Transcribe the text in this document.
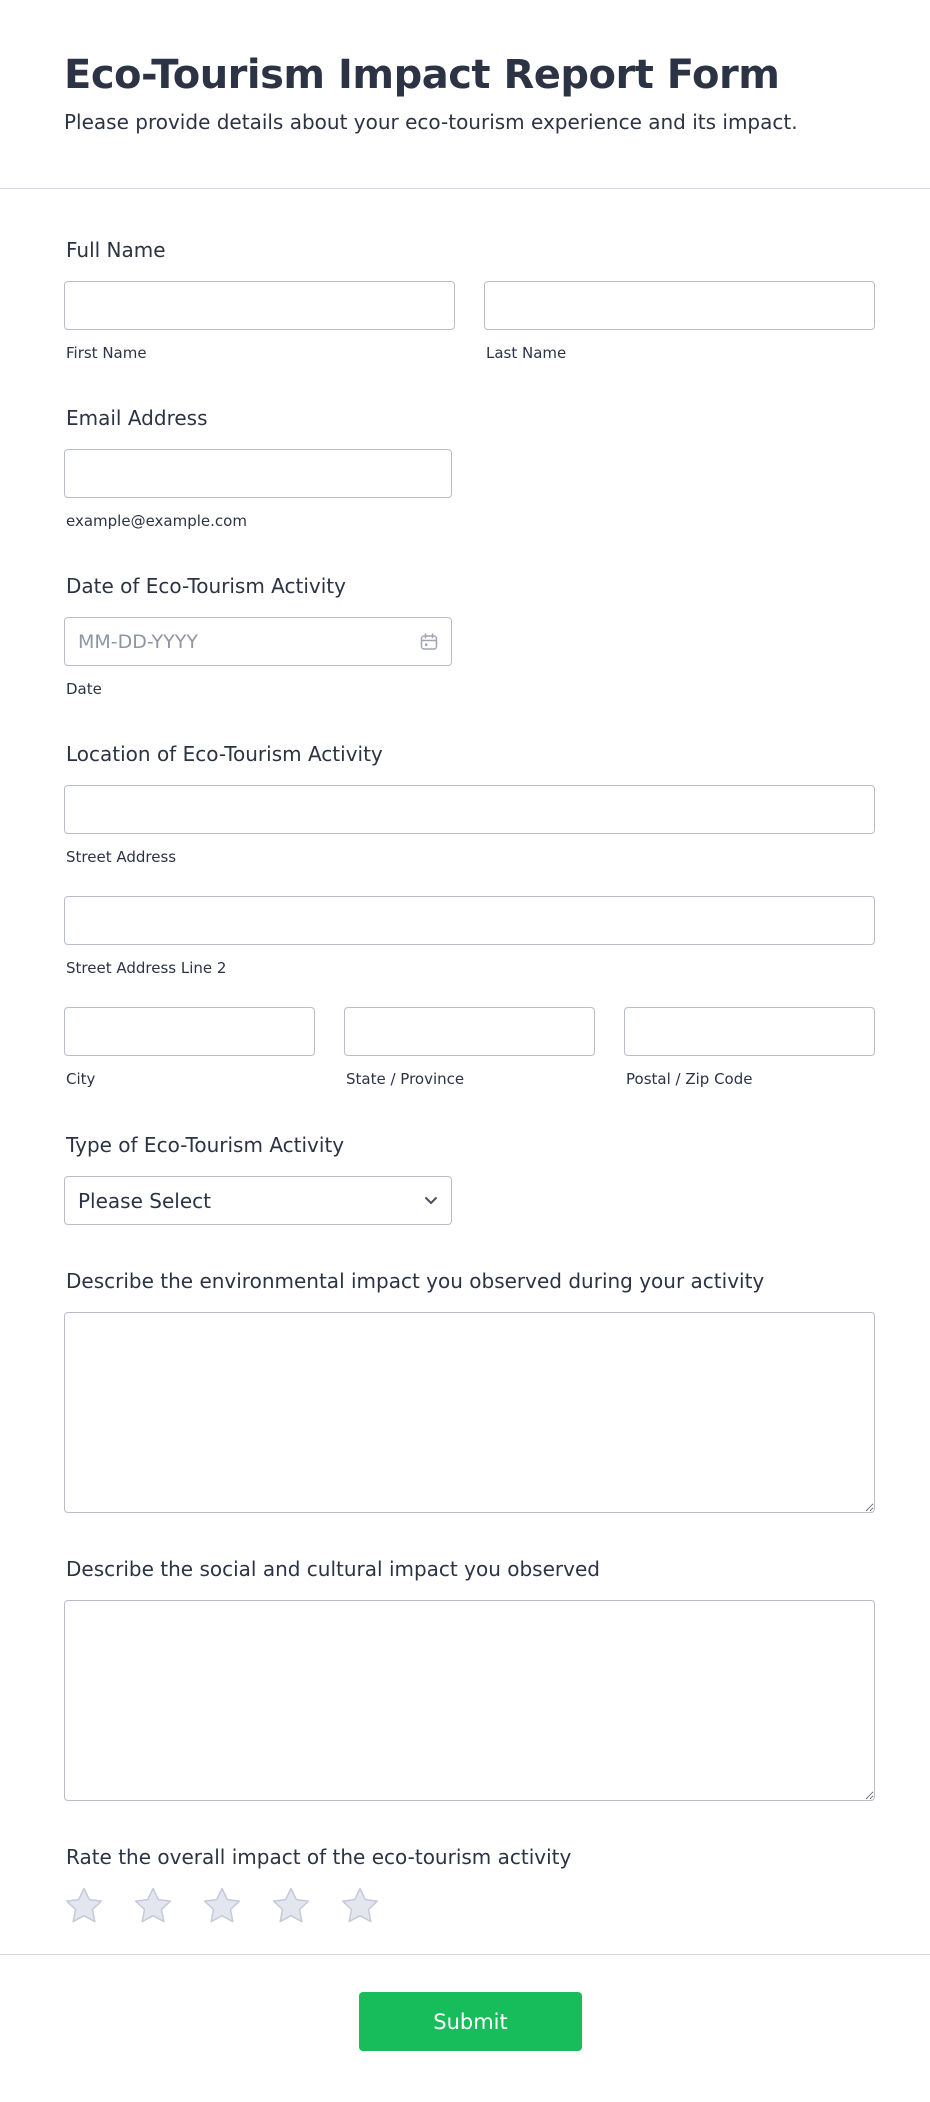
Eco-Tourism Impact Report Form

Please provide details about your eco-tourism experience and its impact.

Full Name
First Name	Last Name
Email Address
example@example.com
Date of Eco-Tourism Activity
MM-DD-YYYY
Date
Location of Eco-Tourism Activity
Street Address
Street Address Line 2
City	State / Province	Postal / Zip Code
Type of Eco-Tourism Activity
Please Select
Describe the environmental impact you observed during your activity
Describe the social and cultural impact you observed
Rate the overall impact of the eco-tourism activity
Submit
